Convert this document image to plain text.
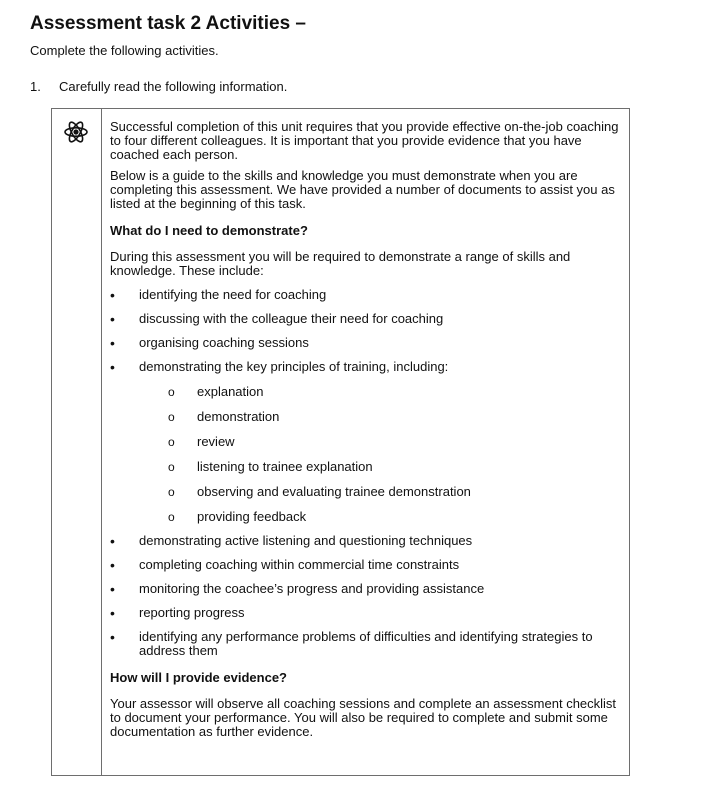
Assessment task 2 Activities –
Complete the following activities.
1. Carefully read the following information.

Successful completion of this unit requires that you provide effective on-the-job coaching to four different colleagues. It is important that you provide evidence that you have coached each person.

Below is a guide to the skills and knowledge you must demonstrate when you are completing this assessment. We have provided a number of documents to assist you as listed at the beginning of this task.

What do I need to demonstrate?

During this assessment you will be required to demonstrate a range of skills and knowledge. These include:

• identifying the need for coaching
• discussing with the colleague their need for coaching
• organising coaching sessions
• demonstrating the key principles of training, including:
o explanation
o demonstration
o review
o listening to trainee explanation
o observing and evaluating trainee demonstration
o providing feedback
• demonstrating active listening and questioning techniques
• completing coaching within commercial time constraints
• monitoring the coachee’s progress and providing assistance
• reporting progress
• identifying any performance problems of difficulties and identifying strategies to address them

How will I provide evidence?

Your assessor will observe all coaching sessions and complete an assessment checklist to document your performance. You will also be required to complete and submit some documentation as further evidence.
